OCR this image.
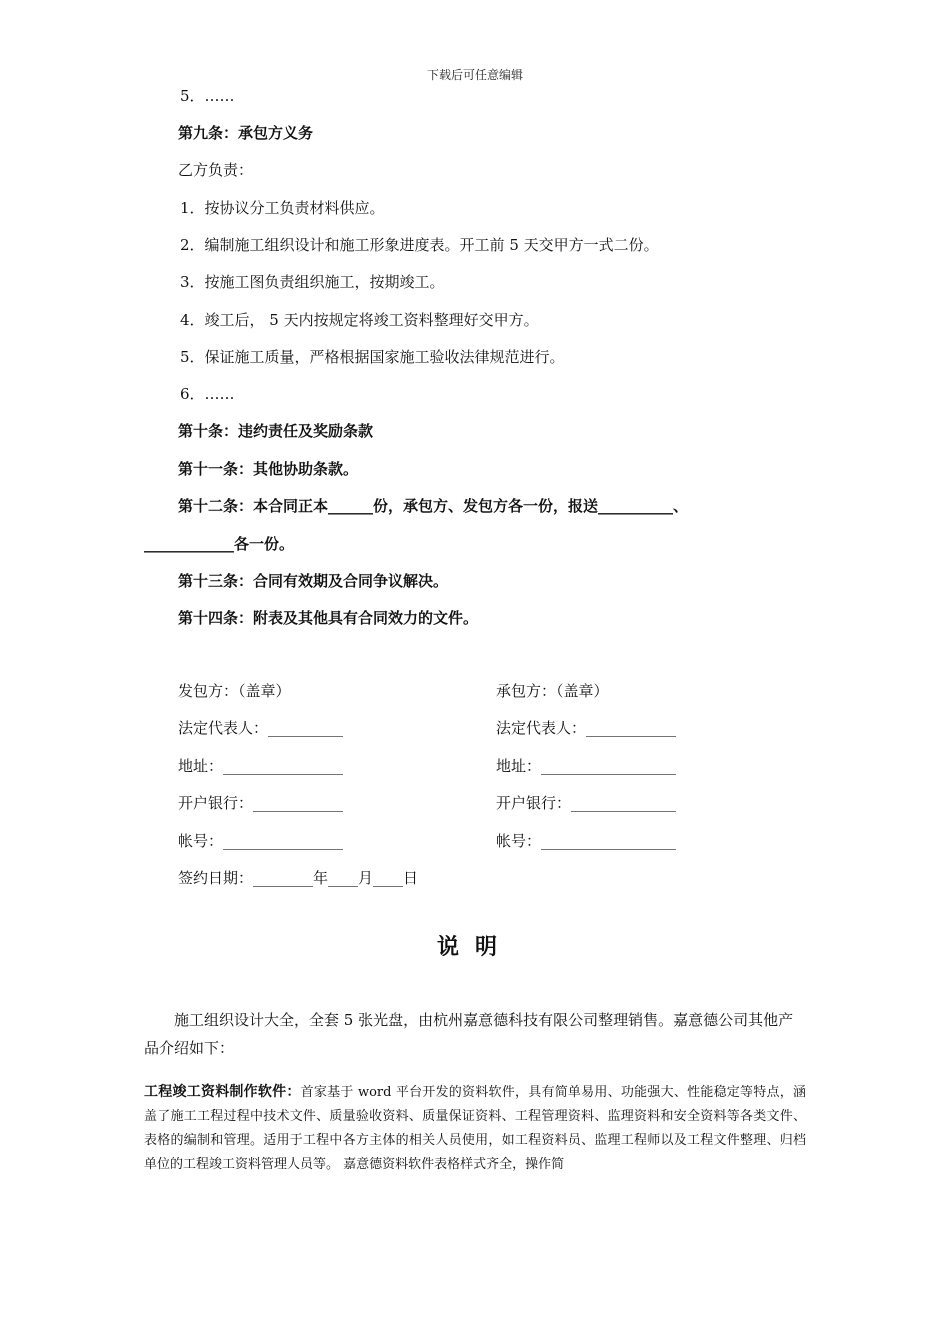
下载后可任意编辑
5．……
第九条：承包方义务
乙方负责：
1．按协议分工负责材料供应。
2．编制施工组织设计和施工形象进度表。开工前 5 天交甲方一式二份。
3．按施工图负责组织施工，按期竣工。
4．竣工后， 5 天内按规定将竣工资料整理好交甲方。
5．保证施工质量，严格根据国家施工验收法律规范进行。
6．……
第十条：违约责任及奖励条款
第十一条：其他协助条款。
第十二条：本合同正本______份，承包方、发包方各一份，报送__________、
____________各一份。
第十三条：合同有效期及合同争议解决。
第十四条：附表及其他具有合同效力的文件。
发包方：（盖章）	承包方：（盖章）
法定代表人：__________	法定代表人：____________
地址：________________	地址：__________________
开户银行：____________	开户银行：______________
帐号：________________	帐号：__________________
签约日期：________年____月____日
说明
施工组织设计大全，全套 5 张光盘，由杭州嘉意德科技有限公司整理销售。嘉意德公司其他产品介绍如下：
工程竣工资料制作软件：首家基于 word 平台开发的资料软件，具有简单易用、功能强大、性能稳定等特点，涵盖了施工工程过程中技术文件、质量验收资料、质量保证资料、工程管理资料、监理资料和安全资料等各类文件、表格的编制和管理。适用于工程中各方主体的相关人员使用，如工程资料员、监理工程师以及工程文件整理、归档单位的工程竣工资料管理人员等。 嘉意德资料软件表格样式齐全，操作简
